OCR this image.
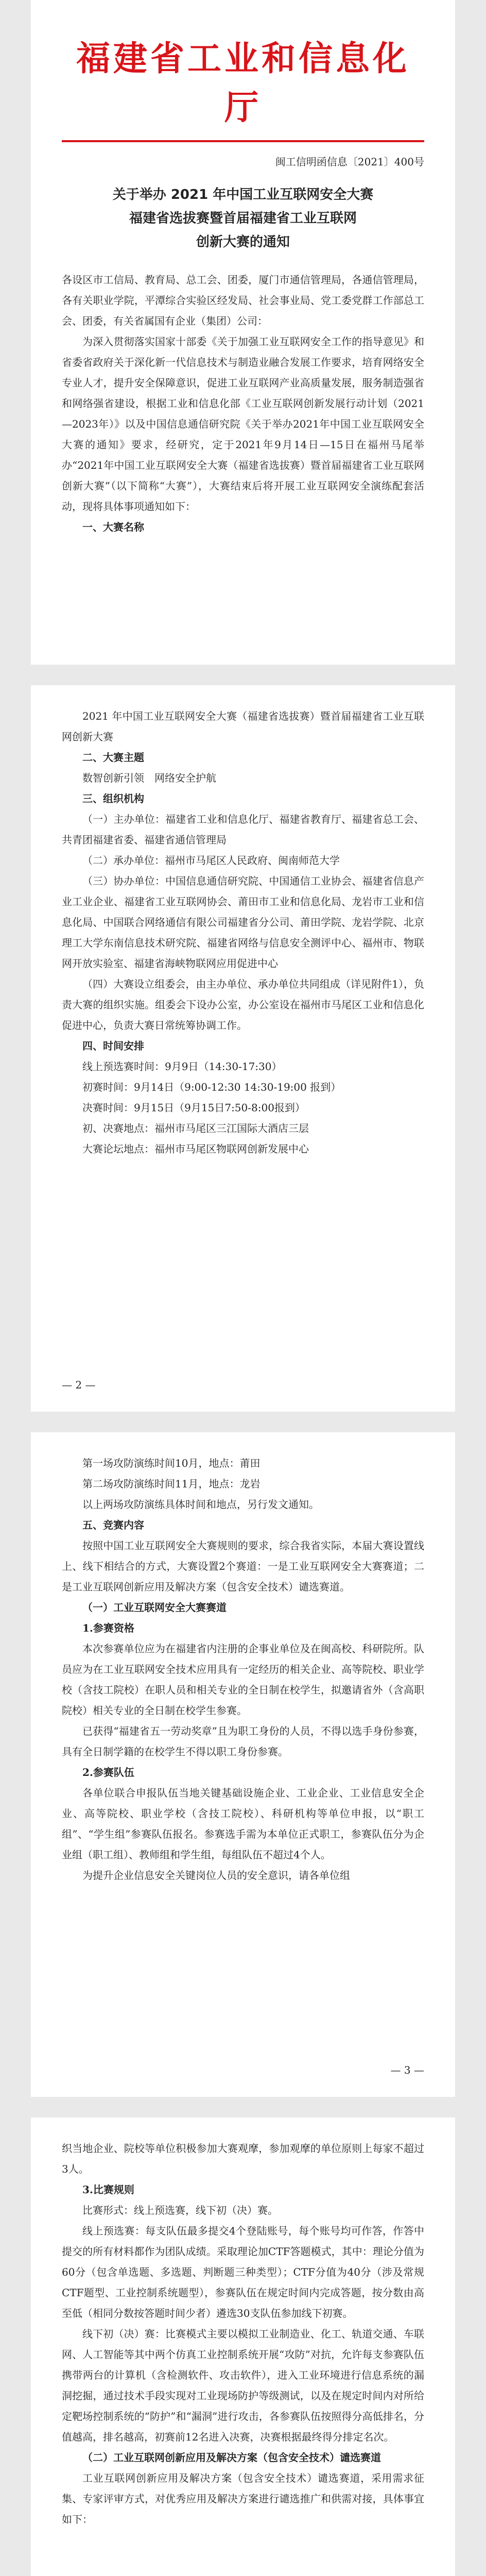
福建省工业和信息化厅
闽工信明函信息〔2021〕400号
关于举办 2021 年中国工业互联网安全大赛
福建省选拔赛暨首届福建省工业互联网
创新大赛的通知

各设区市工信局、教育局、总工会、团委，厦门市通信管理局，各通信管理局，各有关职业学院，平潭综合实验区经发局、社会事业局、党工委党群工作部总工会、团委，有关省属国有企业（集团）公司：

为深入贯彻落实国家十部委《关于加强工业互联网安全工作的指导意见》和省委省政府关于深化新一代信息技术与制造业融合发展工作要求，培育网络安全专业人才，提升安全保障意识，促进工业互联网产业高质量发展，服务制造强省和网络强省建设，根据工业和信息化部《工业互联网创新发展行动计划（2021—2023年）》以及中国信息通信研究院《关于举办2021年中国工业互联网安全大赛的通知》要求，经研究，定于2021年9月14日—15日在福州马尾举办“2021年中国工业互联网安全大赛（福建省选拔赛）暨首届福建省工业互联网创新大赛”（以下简称“大赛”），大赛结束后将开展工业互联网安全演练配套活动，现将具体事项通知如下：

一、大赛名称

2021 年中国工业互联网安全大赛（福建省选拔赛）暨首届福建省工业互联网创新大赛

二、大赛主题

数智创新引领　网络安全护航

三、组织机构

（一）主办单位：福建省工业和信息化厅、福建省教育厅、福建省总工会、共青团福建省委、福建省通信管理局

（二）承办单位：福州市马尾区人民政府、闽南师范大学

（三）协办单位：中国信息通信研究院、中国通信工业协会、福建省信息产业工业企业、福建省工业互联网协会、莆田市工业和信息化局、龙岩市工业和信息化局、中国联合网络通信有限公司福建省分公司、莆田学院、龙岩学院、北京理工大学东南信息技术研究院、福建省网络与信息安全测评中心、福州市、物联网开放实验室、福建省海峡物联网应用促进中心

（四）大赛设立组委会，由主办单位、承办单位共同组成（详见附件1），负责大赛的组织实施。组委会下设办公室，办公室设在福州市马尾区工业和信息化促进中心，负责大赛日常统筹协调工作。

四、时间安排

线上预选赛时间：9月9日（14:30-17:30）

初赛时间：9月14日（9:00-12:30 14:30-19:00 报到）

决赛时间：9月15日（9月15日7:50-8:00报到）

初、决赛地点：福州市马尾区三江国际大酒店三层

大赛论坛地点：福州市马尾区物联网创新发展中心

— 2 —

第一场攻防演练时间10月，地点：莆田

第二场攻防演练时间11月，地点：龙岩

以上两场攻防演练具体时间和地点，另行发文通知。

五、竞赛内容

按照中国工业互联网安全大赛规则的要求，综合我省实际，本届大赛设置线上、线下相结合的方式，大赛设置2个赛道：一是工业互联网安全大赛赛道；二是工业互联网创新应用及解决方案（包含安全技术）谴选赛道。

（一）工业互联网安全大赛赛道

1.参赛资格

本次参赛单位应为在福建省内注册的企事业单位及在闽高校、科研院所。队员应为在工业互联网安全技术应用具有一定经历的相关企业、高等院校、职业学校（含技工院校）在职人员和相关专业的全日制在校学生，拟邀请省外（含高职院校）相关专业的全日制在校学生参赛。

已获得“福建省五一劳动奖章”且为职工身份的人员，不得以选手身份参赛，具有全日制学籍的在校学生不得以职工身份参赛。

2.参赛队伍

各单位联合申报队伍当地关键基础设施企业、工业企业、工业信息安全企业、高等院校、职业学校（含技工院校）、科研机构等单位申报，以“职工组”、“学生组”参赛队伍报名。参赛选手需为本单位正式职工，参赛队伍分为企业组（职工组）、教师组和学生组，每组队伍不超过4个人。

为提升企业信息安全关键岗位人员的安全意识，请各单位组

— 3 —

织当地企业、院校等单位积极参加大赛观摩，参加观摩的单位原则上每家不超过3人。

3.比赛规则

比赛形式：线上预选赛，线下初（决）赛。

线上预选赛：每支队伍最多提交4个登陆账号，每个账号均可作答，作答中提交的所有材料都作为团队成绩。采取理论加CTF答题模式，其中：理论分值为60分（包含单选题、多选题、判断题三种类型）；CTF分值为40分（涉及常规CTF题型、工业控制系统题型），参赛队伍在规定时间内完成答题，按分数由高至低（相同分数按答题时间少者）遴选30支队伍参加线下初赛。

线下初（决）赛：比赛模式主要以模拟工业制造业、化工、轨道交通、车联网、人工智能等其中两个仿真工业控制系统开展“攻防”对抗，允许每支参赛队伍携带两台的计算机（含检测软件、攻击软件），进入工业环境进行信息系统的漏洞挖掘，通过技术手段实现对工业现场防护等级测试，以及在规定时间内对所给定靶场控制系统的“防护”和“漏洞”进行攻击，各参赛队伍按照得分高低排名，分值越高，排名越高，初赛前12名进入决赛，决赛根据最终得分排定名次。

（二）工业互联网创新应用及解决方案（包含安全技术）谴选赛道

工业互联网创新应用及解决方案（包含安全技术）谴选赛道，采用需求征集、专家评审方式，对优秀应用及解决方案进行谴选推广和供需对接，具体事宜如下：
